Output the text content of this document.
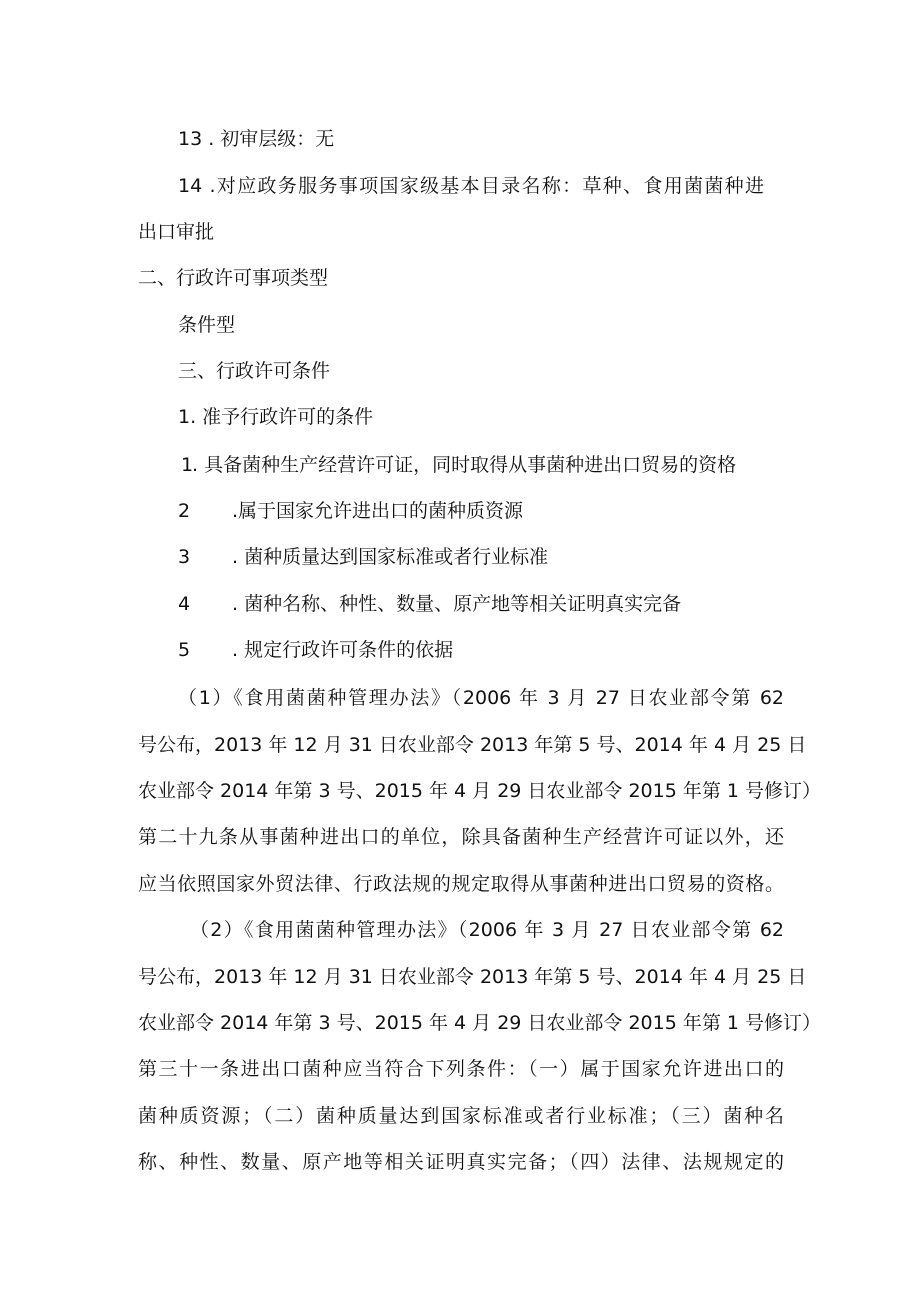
13 . 初审层级：无
14 .对应政务服务事项国家级基本目录名称：草种、食用菌菌种进
出口审批
二、行政许可事项类型
条件型
三、行政许可条件
1. 准予行政许可的条件
1
. 具备菌种生产经营许可证，同时取得从事菌种进出口贸易的资格
2 .属于国家允许进出口的菌种质资源
3 . 菌种质量达到国家标准或者行业标准
4 . 菌种名称、种性、数量、原产地等相关证明真实完备
5 . 规定行政许可条件的依据
（1）《食用菌菌种管理办法》（2006 年 3 月 27 日农业部令第 62
号公布，2013 年 12 月 31 日农业部令 2013 年第 5 号、2014 年 4 月 25 日
农业部令 2014 年第 3 号、2015 年 4 月 29 日农业部令 2015 年第 1 号修订）
第二十九条从事菌种进出口的单位，除具备菌种生产经营许可证以外，还
应当依照国家外贸法律、行政法规的规定取得从事菌种进出口贸易的资格。
（2）《食用菌菌种管理办法》（2006 年 3 月 27 日农业部令第 62
号公布，2013 年 12 月 31 日农业部令 2013 年第 5 号、2014 年 4 月 25 日
农业部令 2014 年第 3 号、2015 年 4 月 29 日农业部令 2015 年第 1 号修订）
第三十一条进出口菌种应当符合下列条件：（一）属于国家允许进出口的
菌种质资源；（二）菌种质量达到国家标准或者行业标准；（三）菌种名
称、种性、数量、原产地等相关证明真实完备；（四）法律、法规规定的
